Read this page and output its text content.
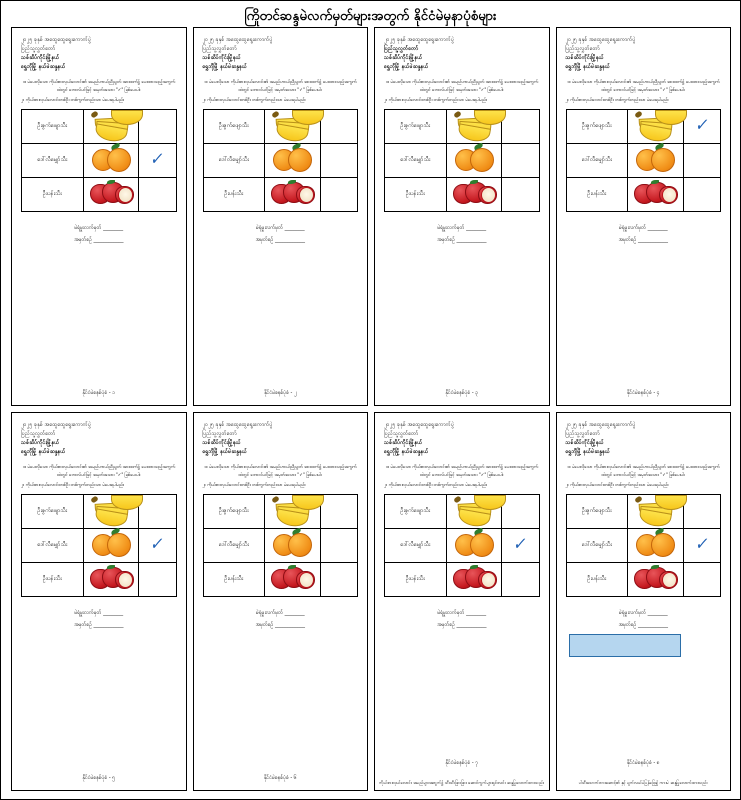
ကြိုတင်ဆန္ဒမဲလက်မှတ်များအတွက် နိုင်ငံမဲမှနာပုံစံများ
၂၀၂၅ ခုနှစ် အထွေထွေရွေးကောက်ပွဲ
ပြည်သူ့လွှတ်တော်
သစ်ဆိပ်ကိုင်းမြို့နယ်
ရွှေဘိုမြို့ နယ်မဲဆန္ဒနယ်
၁။ မဲပေးလိုသော ကိုယ်စားလှယ်လောင်း၏ အမည်ဟာယ်ညီညွတ် အားထက်၌ ပေးထားသည့်အကွက်ထဲတွင် ဘောလ်ပင်ဖြင့် အမှတ်အသား "✓" ခြစ်ပေးပါ။
၂။ ကိုယ်စားလှယ်လောင်းတစ်ဦး တစ်ကွက်တည်းသာ မဲပေးရပါမည်။
ဦးဇွက်ဖျောသီး	

ဒေါ်လီမျှော်သီး		✓
ဦးပန်းသီး	

မဲရုံမှူးလက်မှတ် ________
အမှတ်စဉ် ____________
နိုင်ငံမဲစနစ်ပုံစံ - ၁
၂၀၂၅ ခုနှစ် အထွေထွေရွေးကောက်ပွဲ
ပြည်သူ့လွှတ်တော်
သစ်ဆိပ်ကိုင်းမြို့နယ်
ရွှေဘိုမြို့ နယ်မဲဆန္ဒနယ်
၁။ မဲပေးလိုသော ကိုယ်စားလှယ်လောင်း၏ အမည်ဟာယ်ညီညွတ် အားထက်၌ ပေးထားသည့်အကွက်ထဲတွင် ဘောလ်ပင်ဖြင့် အမှတ်အသား "✓" ခြစ်ပေးပါ။
၂။ ကိုယ်စားလှယ်လောင်းတစ်ဦး တစ်ကွက်တည်းသာ မဲပေးရပါမည်။
ဦးဇွက်ဖျောသီး	

ဒေါ်လီမျှော်သီး	

ဦးပန်းသီး	

မဲရုံမှူးလက်မှတ် ________
အမှတ်စဉ် ____________
နိုင်ငံမဲစနစ်ပုံစံ - ၂
၂၀၂၅ ခုနှစ် အထွေထွေရွေးကောက်ပွဲ
ပြည်သူ့လွှတ်တော်
သစ်ဆိပ်ကိုင်းမြို့နယ်
ရွှေဘိုမြို့ နယ်မဲဆန္ဒနယ်
၁။ မဲပေးလိုသော ကိုယ်စားလှယ်လောင်း၏ အမည်ဟာယ်ညီညွတ် အားထက်၌ ပေးထားသည့်အကွက်ထဲတွင် ဘောလ်ပင်ဖြင့် အမှတ်အသား "✓" ခြစ်ပေးပါ။
၂။ ကိုယ်စားလှယ်လောင်းတစ်ဦး တစ်ကွက်တည်းသာ မဲပေးရပါမည်။
ဦးဇွက်ဖျောသီး	

ဒေါ်လီမျှော်သီး	

ဦးပန်းသီး	

မဲရုံမှူးလက်မှတ် ________
အမှတ်စဉ် ____________
နိုင်ငံမဲစနစ်ပုံစံ - ၃
၂၀၂၅ ခုနှစ် အထွေထွေရွေးကောက်ပွဲ
ပြည်သူ့လွှတ်တော်
သစ်ဆိပ်ကိုင်းမြို့နယ်
ရွှေဘိုမြို့ နယ်မဲဆန္ဒနယ်
၁။ မဲပေးလိုသော ကိုယ်စားလှယ်လောင်း၏ အမည်ဟာယ်ညီညွတ် အားထက်၌ ပေးထားသည့်အကွက်ထဲတွင် ဘောလ်ပင်ဖြင့် အမှတ်အသား "✓" ခြစ်ပေးပါ။
၂။ ကိုယ်စားလှယ်လောင်းတစ်ဦး တစ်ကွက်တည်းသာ မဲပေးရပါမည်။
ဦးဇွက်ဖျောသီး		✓
ဒေါ်လီမျှော်သီး	

ဦးပန်းသီး	

မဲရုံမှူးလက်မှတ် ________
အမှတ်စဉ် ____________
နိုင်ငံမဲစနစ်ပုံစံ - ၄
၂၀၂၅ ခုနှစ် အထွေထွေရွေးကောက်ပွဲ
ပြည်သူ့လွှတ်တော်
သစ်ဆိပ်ကိုင်းမြို့နယ်
ရွှေဘိုမြို့ နယ်မဲဆန္ဒနယ်
၁။ မဲပေးလိုသော ကိုယ်စားလှယ်လောင်း၏ အမည်ဟာယ်ညီညွတ် အားထက်၌ ပေးထားသည့်အကွက်ထဲတွင် ဘောလ်ပင်ဖြင့် အမှတ်အသား "✓" ခြစ်ပေးပါ။
၂။ ကိုယ်စားလှယ်လောင်းတစ်ဦး တစ်ကွက်တည်းသာ မဲပေးရပါမည်။
ဦးဇွက်ဖျောသီး	

ဒေါ်လီမျှော်သီး		✓
ဦးပန်းသီး	

မဲရုံမှူးလက်မှတ် ________
အမှတ်စဉ် ____________
နိုင်ငံမဲစနစ်ပုံစံ - ၅
၂၀၂၅ ခုနှစ် အထွေထွေရွေးကောက်ပွဲ
ပြည်သူ့လွှတ်တော်
သစ်ဆိပ်ကိုင်းမြို့နယ်
ရွှေဘိုမြို့ နယ်မဲဆန္ဒနယ်
၁။ မဲပေးလိုသော ကိုယ်စားလှယ်လောင်း၏ အမည်ဟာယ်ညီညွတ် အားထက်၌ ပေးထားသည့်အကွက်ထဲတွင် ဘောလ်ပင်ဖြင့် အမှတ်အသား "✓" ခြစ်ပေးပါ။
၂။ ကိုယ်စားလှယ်လောင်းတစ်ဦး တစ်ကွက်တည်းသာ မဲပေးရပါမည်။
ဦးဇွက်ဖျောသီး	

ဒေါ်လီမျှော်သီး	

ဦးပန်းသီး	

မဲရုံမှူးလက်မှတ် ________
အမှတ်စဉ် ____________
နိုင်ငံမဲစနစ်ပုံစံ - ၆
၂၀၂၅ ခုနှစ် အထွေထွေရွေးကောက်ပွဲ
ပြည်သူ့လွှတ်တော်
သစ်ဆိပ်ကိုင်းမြို့နယ်
ရွှေဘိုမြို့ နယ်မဲဆန္ဒနယ်
၁။ မဲပေးလိုသော ကိုယ်စားလှယ်လောင်း၏ အမည်ဟာယ်ညီညွတ် အားထက်၌ ပေးထားသည့်အကွက်ထဲတွင် ဘောလ်ပင်ဖြင့် အမှတ်အသား "✓" ခြစ်ပေးပါ။
၂။ ကိုယ်စားလှယ်လောင်းတစ်ဦး တစ်ကွက်တည်းသာ မဲပေးရပါမည်။
ဦးဇွက်ဖျောသီး	

ဒေါ်လီမျှော်သီး		✓
ဦးပန်းသီး	

မဲရုံမှူးလက်မှတ် ________
အမှတ်စဉ် ____________
နိုင်ငံမဲစနစ်ပုံစံ - ၇
ကိုယ်စားလှယ်လောင်း အမည်များအတွက်၌ သီးသီးခြားခြား ဆောင်ကွက်များရှင်းလင်း ဆန္ဒပြုလောက်ထားသည်။
၂၀၂၅ ခုနှစ် အထွေထွေရွေးကောက်ပွဲ
ပြည်သူ့လွှတ်တော်
သစ်ဆိပ်ကိုင်းမြို့နယ်
ရွှေဘိုမြို့ နယ်မဲဆန္ဒနယ်
၁။ မဲပေးလိုသော ကိုယ်စားလှယ်လောင်း၏ အမည်ဟာယ်ညီညွတ် အားထက်၌ ပေးထားသည့်အကွက်ထဲတွင် ဘောလ်ပင်ဖြင့် အမှတ်အသား "✓" ခြစ်ပေးပါ။
၂။ ကိုယ်စားလှယ်လောင်းတစ်ဦး တစ်ကွက်တည်းသာ မဲပေးရပါမည်။
ဦးဇွက်ဖျောသီး	

ဒေါ်လီမျှော်သီး		✓
ဦးပန်းသီး	

မဲရုံမှူးလက်မှတ် ________
အမှတ်စဉ် ____________
နိုင်ငံမဲစနစ်ပုံစံ - ၈
ပါသီးသောက်တားဆောင့်၏ နှင့် ပျက်လယ်မဲပြန်ဖြေ၍ ကားမဲ ဆန္ဒပြုလောက်ထားသည်။
